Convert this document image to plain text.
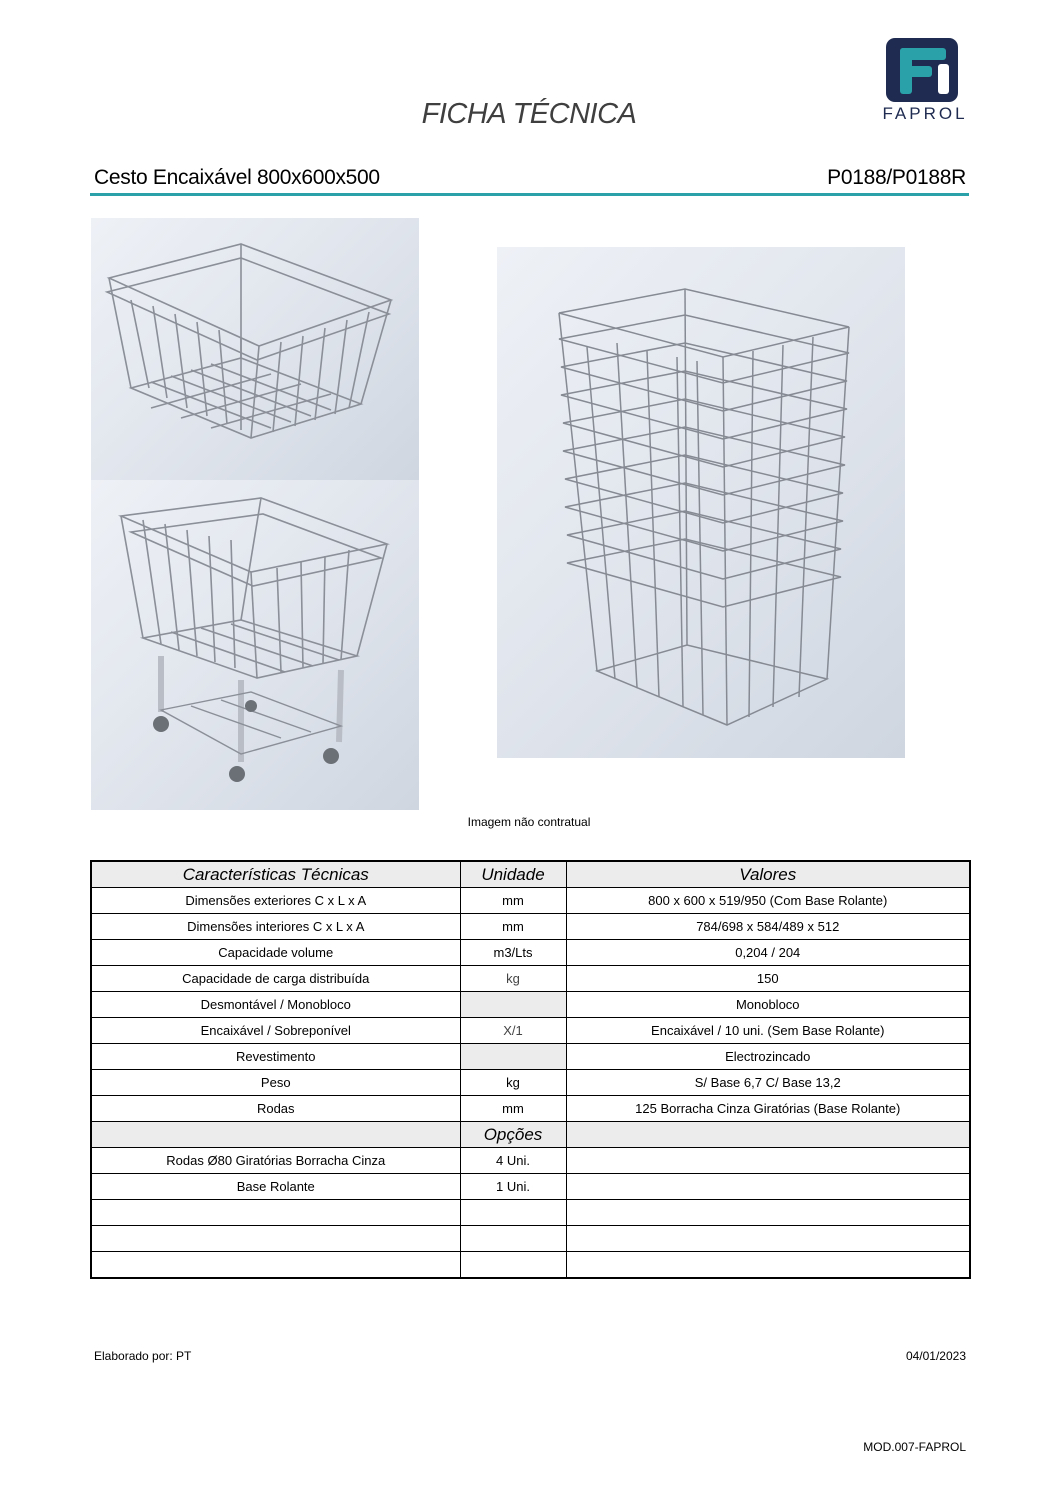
FICHA TÉCNICA	FAPROL
Cesto Encaixável 800x600x500	P0188/P0188R
Imagem não contratual
Características Técnicas	Unidade	Valores
Dimensões exteriores C x L x A	mm	800 x 600 x 519/950 (Com Base Rolante)
Dimensões interiores C x L x A	mm	784/698 x 584/489 x 512
Capacidade volume	m3/Lts	0,204 / 204
Capacidade de carga distribuída	kg	150
Desmontável / Monobloco		Monobloco
Encaixável / Sobreponível	X/1	Encaixável / 10 uni. (Sem Base Rolante)
Revestimento		Electrozincado
Peso	kg	S/ Base 6,7 C/ Base 13,2
Rodas	mm	125 Borracha Cinza Giratórias (Base Rolante)
	Opções	
Rodas Ø80 Giratórias Borracha Cinza	4 Uni.	
Base Rolante	1 Uni.	

Elaborado por: PT	04/01/2023
MOD.007-FAPROL
